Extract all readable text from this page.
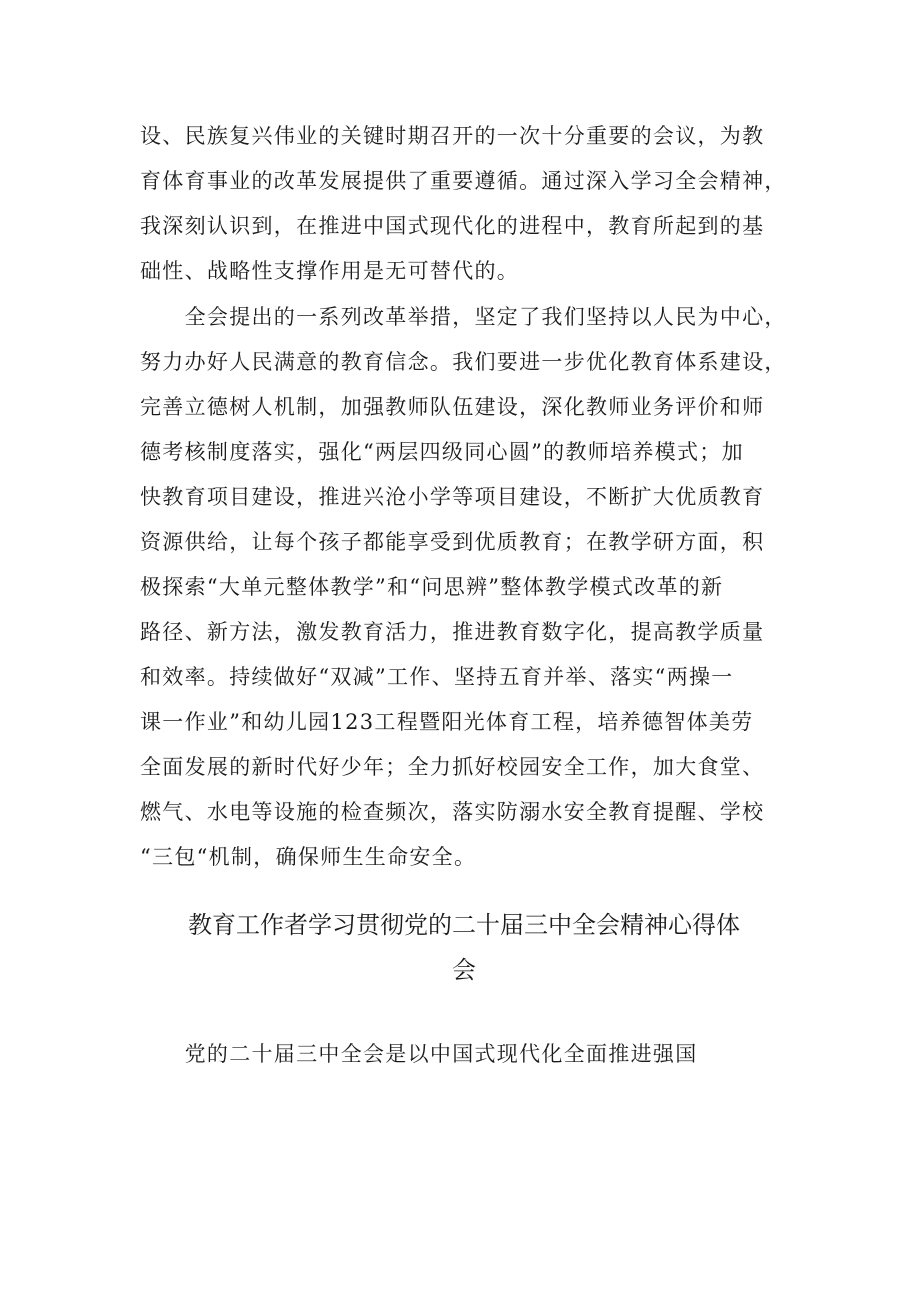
设、民族复兴伟业的关键时期召开的一次十分重要的会议，为教
育体育事业的改革发展提供了重要遵循。通过深入学习全会精神，
我深刻认识到，在推进中国式现代化的进程中，教育所起到的基
础性、战略性支撑作用是无可替代的。
　　全会提出的一系列改革举措，坚定了我们坚持以人民为中心，
努力办好人民满意的教育信念。我们要进一步优化教育体系建设，
完善立德树人机制，加强教师队伍建设，深化教师业务评价和师
德考核制度落实，强化“两层四级同心圆”的教师培养模式；加
快教育项目建设，推进兴沧小学等项目建设，不断扩大优质教育
资源供给，让每个孩子都能享受到优质教育；在教学研方面，积
极探索“大单元整体教学”和“问思辨”整体教学模式改革的新
路径、新方法，激发教育活力，推进教育数字化，提高教学质量
和效率。持续做好“双减”工作、坚持五育并举、落实“两操一
课一作业”和幼儿园123工程暨阳光体育工程，培养德智体美劳
全面发展的新时代好少年；全力抓好校园安全工作，加大食堂、
燃气、水电等设施的检查频次，落实防溺水安全教育提醒、学校
“三包“机制，确保师生生命安全。
教育工作者学习贯彻党的二十届三中全会精神心得体
会
　　党的二十届三中全会是以中国式现代化全面推进强国
